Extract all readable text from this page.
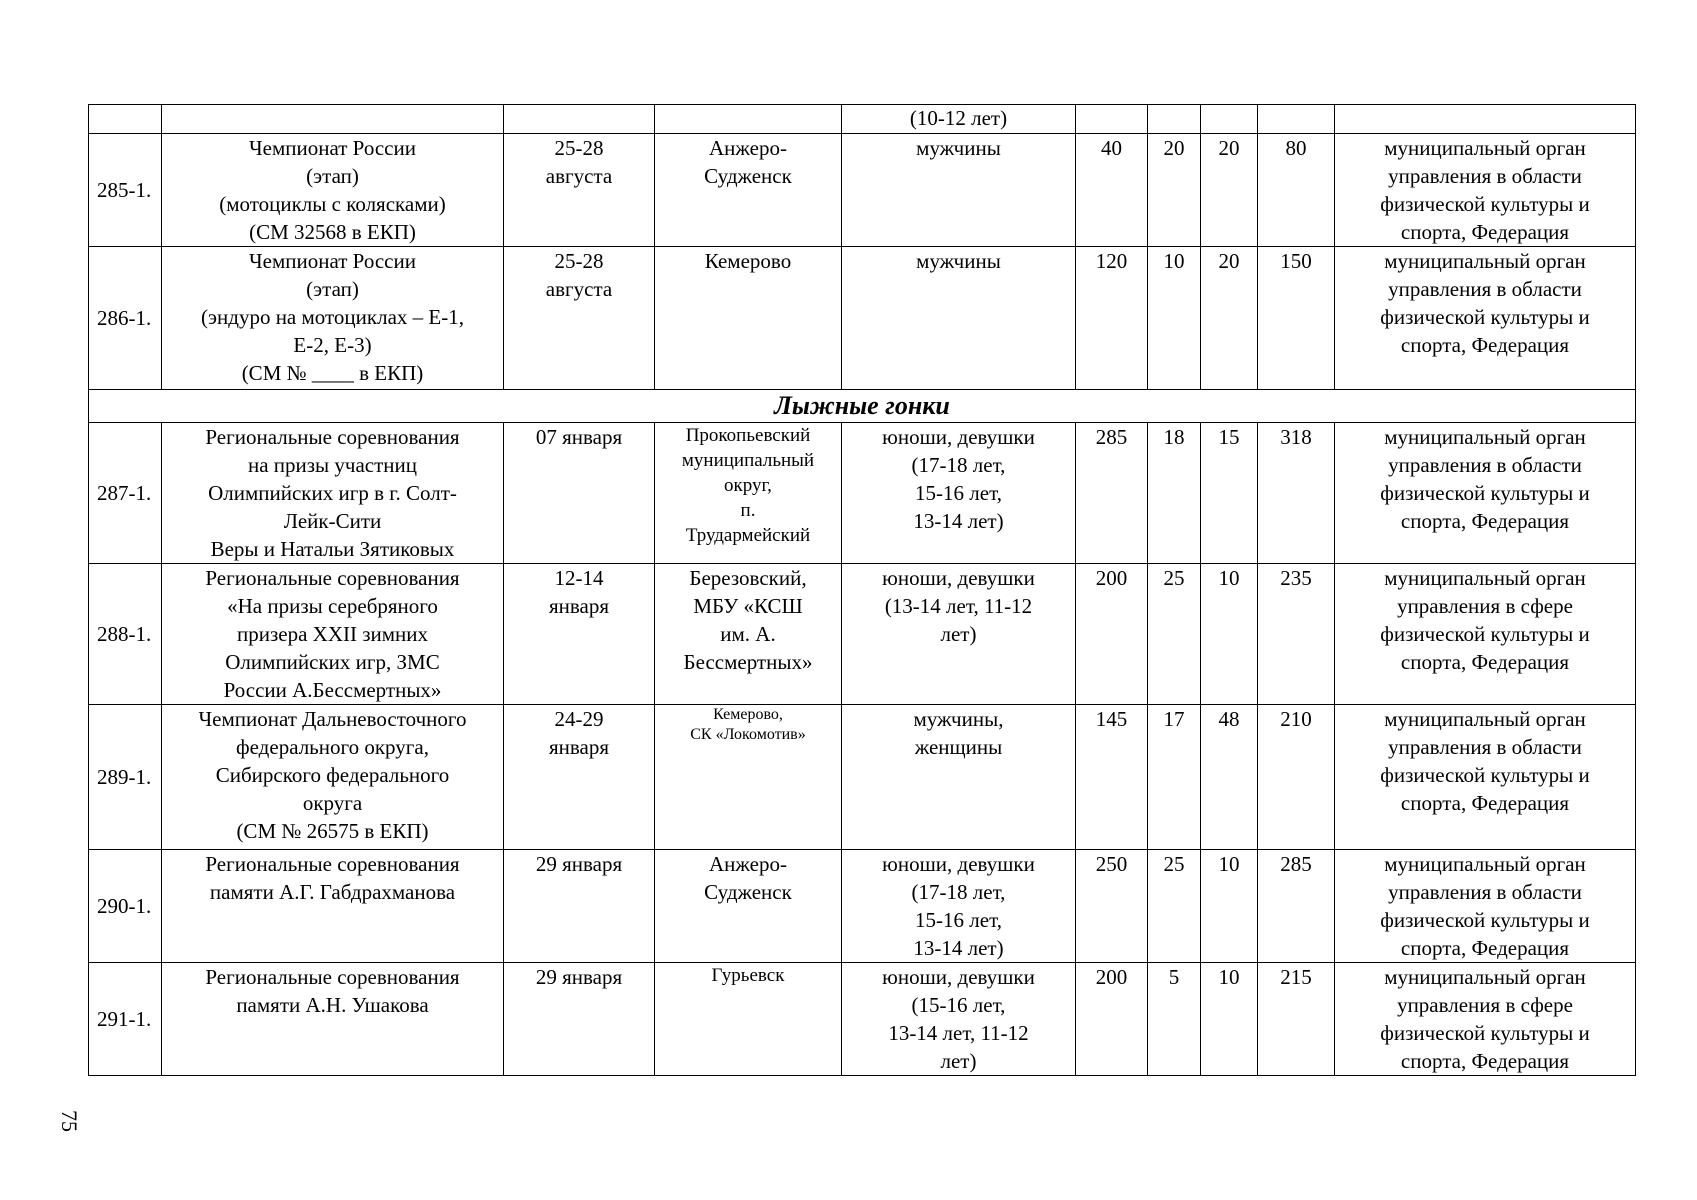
				(10-12 лет)					
285-1.	Чемпионат России
(этап)
(мотоциклы с колясками)
(СМ 32568 в ЕКП)	25-28
августа	Анжеро-
Судженск	мужчины	40	20	20	80	муниципальный орган
управления в области
физической культуры и
спорта, Федерация

286-1.	Чемпионат России
(этап)
(эндуро на мотоциклах – Е-1,
Е-2, Е-3)
(СМ № ____ в ЕКП)	25-28
августа	Кемерово	мужчины	120	10	20	150	муниципальный орган
управления в области
физической культуры и
спорта, Федерация

Лыжные гонки									
287-1.	Региональные соревнования
на призы участниц
Олимпийских игр в г. Солт-
Лейк-Сити
Веры и Натальи Зятиковых	07 января	Прокопьевский
муниципальный
округ,
п.
Трудармейский	юноши, девушки
(17-18 лет,
15-16 лет,
13-14 лет)	285	18	15	318	муниципальный орган
управления в области
физической культуры и
спорта, Федерация

288-1.	Региональные соревнования
«На призы серебряного
призера XXII зимних
Олимпийских игр, ЗМС
России А.Бессмертных»	12-14
января	Березовский,
МБУ «КСШ
им. А.
Бессмертных»	юноши, девушки
(13-14 лет, 11-12
лет)	200	25	10	235	муниципальный орган
управления в сфере
физической культуры и
спорта, Федерация

289-1.	Чемпионат Дальневосточного
федерального округа,
Сибирского федерального
округа
(СМ № 26575 в ЕКП)	24-29
января	Кемерово,
СК «Локомотив»	мужчины,
женщины	145	17	48	210	муниципальный орган
управления в области
физической культуры и
спорта, Федерация

290-1.	Региональные соревнования
памяти А.Г. Габдрахманова	29 января	Анжеро-
Судженск	юноши, девушки
(17-18 лет,
15-16 лет,
13-14 лет)	250	25	10	285	муниципальный орган
управления в области
физической культуры и
спорта, Федерация

291-1.	Региональные соревнования
памяти А.Н. Ушакова	29 января	Гурьевск	юноши, девушки
(15-16 лет,
13-14 лет, 11-12
лет)	200	5	10	215	муниципальный орган
управления в сфере
физической культуры и
спорта, Федерация
75
